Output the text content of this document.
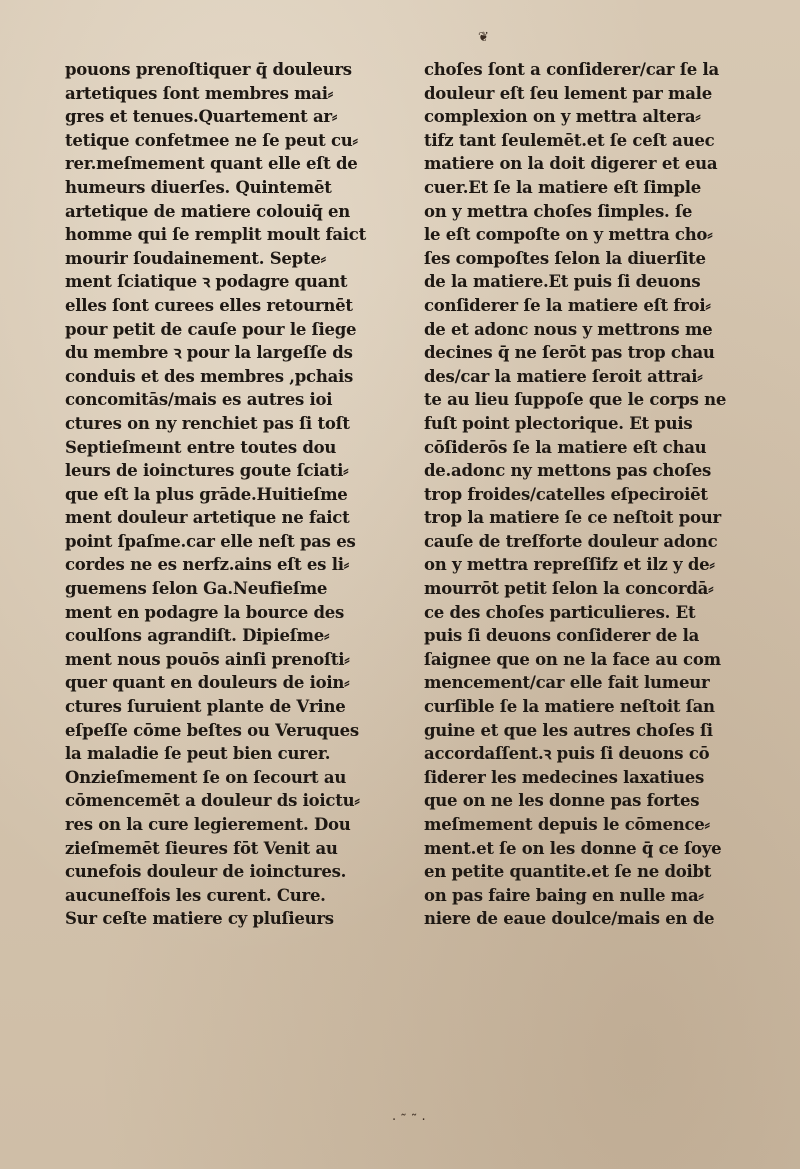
❦
pouons prenoſtiquer q̄ douleurs
artetiques ſont membres mai⸗
gres et tenues.Quartement ar⸗
tetique confetmee ne ſe peut cu⸗
rer.meſmement quant elle eſt de
humeurs diuerſes. Quintemēt
artetique de matiere colouiq̄ en
homme qui ſe remplit moult faict
mourir ſoudainement. Septe⸗
ment ſciatique ꝛ podagre quant
elles ſont curees elles retournēt
pour petit de cauſe pour le ſiege
du membre ꝛ pour la largeſſe ds
conduis et des membres ,pchais
concomitās/mais es autres ioi
ctures on ny renchiet pas ſi toſt
Septieſmeınt entre toutes dou
leurs de ioinctures goute ſciati⸗
que eſt la plus grāde.Huitieſme
ment douleur artetique ne faict
point ſpaſme.car elle neſt pas es
cordes ne es nerfz.ains eſt es li⸗
guemens ſelon Ga.Neufieſme
ment en podagre la bource des
coulſons agrandiſt. Dipieſme⸗
ment nous pouōs ainſi prenoſti⸗
quer quant en douleurs de ioin⸗
ctures ſuruient plante de Vrine
eſpeſſe cōme beſtes ou Veruques
la maladie ſe peut bien curer.
Onzieſmement ſe on ſecourt au
cōmencemēt a douleur ds ioictu⸗
res on la cure legierement. Dou
zieſmemēt ſieures fōt Venit au
cunefois douleur de ioinctures.
aucuneſfois les curent. Cure.
Sur ceſte matiere cy pluſieurs
choſes ſont a conſiderer/car ſe la
douleur eſt ſeu lement par male
complexion on y mettra altera⸗
tifz tant ſeulemēt.et ſe ceſt auec
matiere on la doit digerer et eua
cuer.Et ſe la matiere eſt ſimple
on y mettra choſes ſimples. ſe
le eſt compoſte on y mettra cho⸗
ſes compoſtes ſelon la diuerſite
de la matiere.Et puis ſi deuons
conſiderer ſe la matiere eſt froi⸗
de et adonc nous y mettrons me
decines q̄ ne ſerōt pas trop chau
des/car la matiere ſeroit attrai⸗
te au lieu ſuppoſe que le corps ne
fuſt point plectorique. Et puis
cōſiderōs ſe la matiere eſt chau
de.adonc ny mettons pas choſes
trop froides/catelles eſpeciroiēt
trop la matiere ſe ce neſtoit pour
cauſe de treſforte douleur adonc
on y mettra repreſſifz et ilz y de⸗
mourrōt petit ſelon la concordā⸗
ce des choſes particulieres. Et
puis ſi deuons conſiderer de la
ſaignee que on ne la face au com
mencement/car elle fait lumeur
curſible ſe la matiere neſtoit ſan
guine et que les autres choſes ſi
accordaſſent.ꝛ puis ſi deuons cō
ſiderer les medecines laxatiues
que on ne les donne pas fortes
meſmement depuis le cōmence⸗
ment.et ſe on les donne q̄ ce ſoye
en petite quantite.et ſe ne doibt
on pas faire baing en nulle ma⸗
niere de eaue doulce/mais en de
· ˜ ˜ ·
